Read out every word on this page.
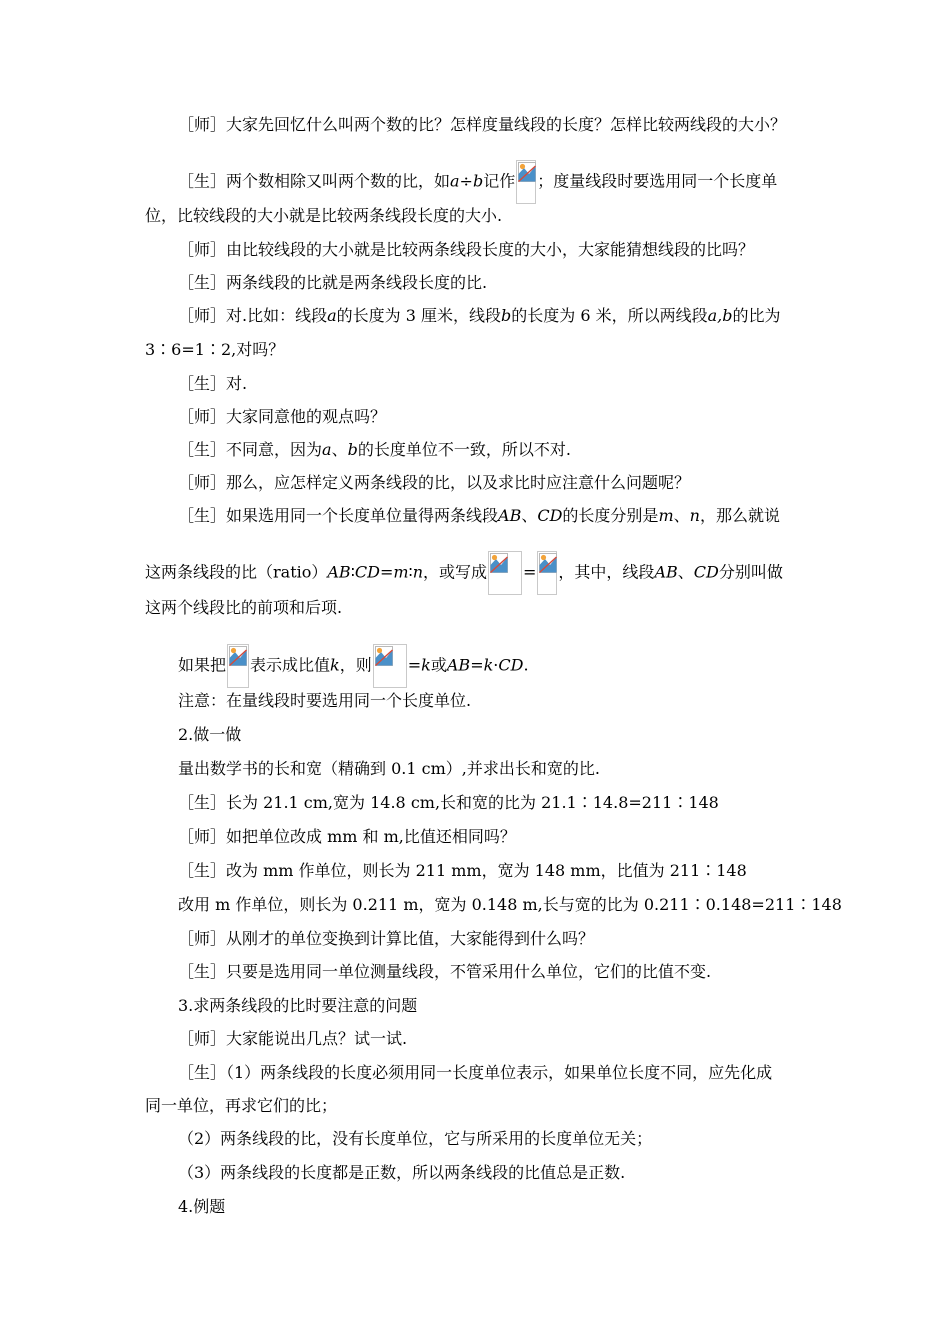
［师］大家先回忆什么叫两个数的比？怎样度量线段的长度？怎样比较两线段的大小？
［生］两个数相除又叫两个数的比，如a÷b记作 ；度量线段时要选用同一个长度单
位，比较线段的大小就是比较两条线段长度的大小.
［师］由比较线段的大小就是比较两条线段长度的大小，大家能猜想线段的比吗？
［生］两条线段的比就是两条线段长度的比.
［师］对.比如：线段a的长度为 3 厘米，线段b的长度为 6 米，所以两线段a,b的比为
3∶6=1∶2,对吗？
［生］对.
［师］大家同意他的观点吗？
［生］不同意，因为a、b的长度单位不一致，所以不对.
［师］那么，应怎样定义两条线段的比，以及求比时应注意什么问题呢？
［生］如果选用同一个长度单位量得两条线段AB、CD的长度分别是m、n，那么就说
这两条线段的比（ratio）AB∶CD=m∶n，或写成 = ，其中，线段AB、CD分别叫做
这两个线段比的前项和后项.
如果把 表示成比值k，则 =k或AB=k·CD.
注意：在量线段时要选用同一个长度单位.
2.做一做
量出数学书的长和宽（精确到 0.1 cm）,并求出长和宽的比.
［生］长为 21.1 cm,宽为 14.8 cm,长和宽的比为 21.1∶14.8=211∶148
［师］如把单位改成 mm 和 m,比值还相同吗？
［生］改为 mm 作单位，则长为 211 mm，宽为 148 mm，比值为 211∶148
改用 m 作单位，则长为 0.211 m，宽为 0.148 m,长与宽的比为 0.211∶0.148=211∶148
［师］从刚才的单位变换到计算比值，大家能得到什么吗？
［生］只要是选用同一单位测量线段，不管采用什么单位，它们的比值不变.
3.求两条线段的比时要注意的问题
［师］大家能说出几点？试一试.
［生］（1）两条线段的长度必须用同一长度单位表示，如果单位长度不同，应先化成
同一单位，再求它们的比；
（2）两条线段的比，没有长度单位，它与所采用的长度单位无关；
（3）两条线段的长度都是正数，所以两条线段的比值总是正数.
4.例题
